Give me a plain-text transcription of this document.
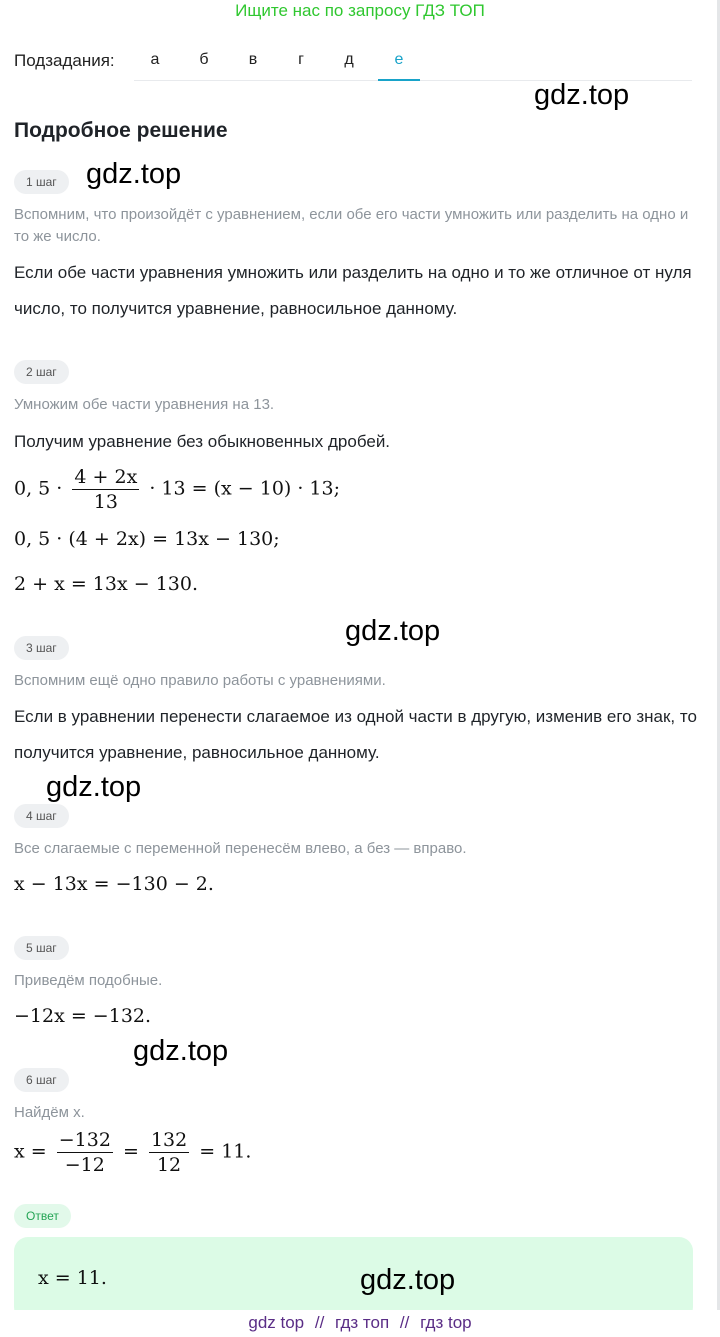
Ищите нас по запросу ГДЗ ТОП
Подзадания:	а	б	в	г	д	е
gdz.top
Подробное решение
1 шаг	gdz.top
Вспомним, что произойдёт с уравнением, если обе его части умножить или разделить на одно и то же число.
Если обе части уравнения умножить или разделить на одно и то же отличное от нуля число, то получится уравнение, равносильное данному.
2 шаг
Умножим обе части уравнения на 13.
Получим уравнение без обыкновенных дробей.
0, $5 \cdot \frac{4 + 2x}{13} \cdot 13 = (x - 10) \cdot 13$;
0, 5 · (4 + 2x) = 13x − 130;
2 + x = 13x − 130.
gdz.top
3 шаг
Вспомним ещё одно правило работы с уравнениями.
Если в уравнении перенести слагаемое из одной части в другую, изменив его знак, то получится уравнение, равносильное данному.
gdz.top
4 шаг
Все слагаемые с переменной перенесём влево, а без — вправо.
x − 13x = −130 − 2.
5 шаг
Приведём подобные.
−12x = −132.
gdz.top
6 шаг
Найдём x.
$x = \frac{-132}{-12} = \frac{132}{12} = 11$.
Ответ
x = 11.	gdz.top
gdz top // гдз топ // гдз top
